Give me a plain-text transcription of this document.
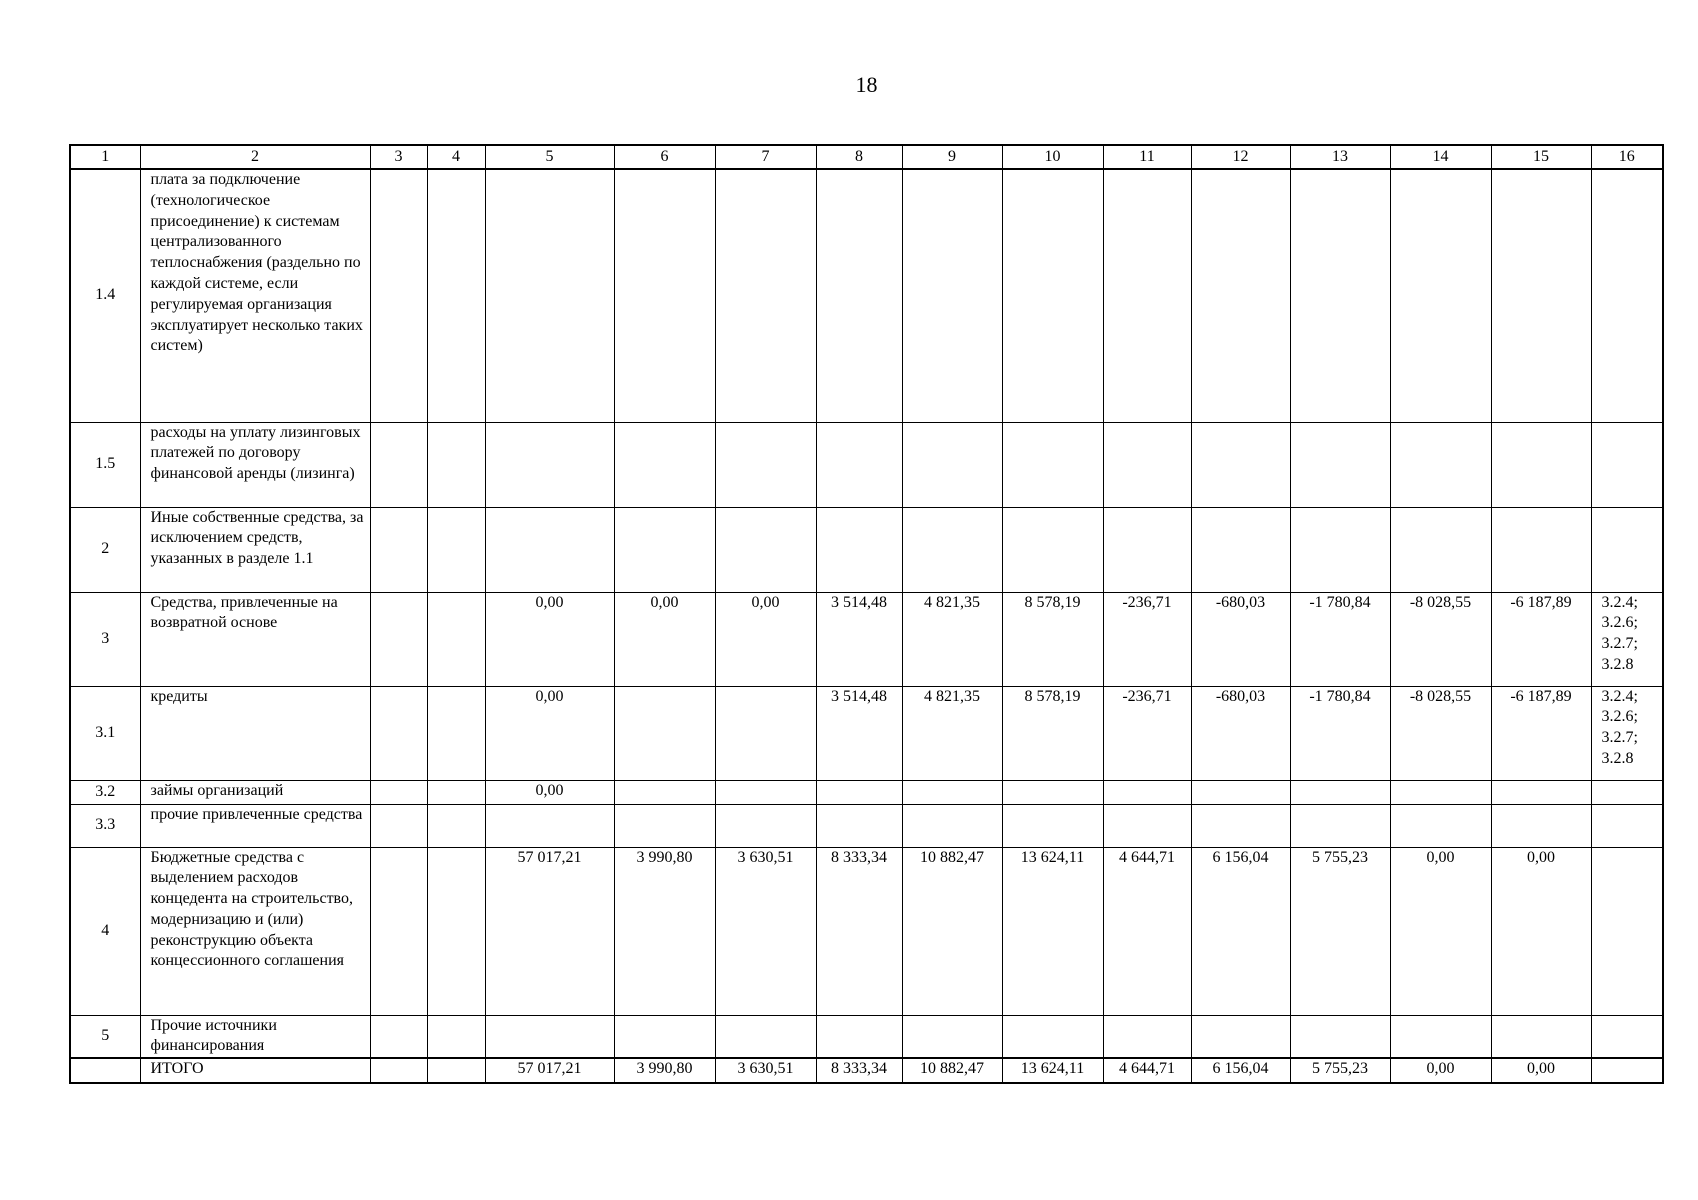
18
1	2	3	4	5	6	7	8	9	10	11	12	13	14	15	16
1.4	плата за подключение (технологическое присоединение) к системам централизованного теплоснабжения (раздельно по каждой системе, если регулируемая организация эксплуатирует несколько таких систем)														
1.5	расходы на уплату лизинговых платежей по договору финансовой аренды (лизинга)														
2	Иные собственные средства, за исключением средств, указанных в разделе 1.1														
3	Средства, привлеченные на возвратной основе			0,00	0,00	0,00	3 514,48	4 821,35	8 578,19	-236,71	-680,03	-1 780,84	-8 028,55	-6 187,89	3.2.4; 3.2.6; 3.2.7; 3.2.8
3.1	кредиты			0,00			3 514,48	4 821,35	8 578,19	-236,71	-680,03	-1 780,84	-8 028,55	-6 187,89	3.2.4; 3.2.6; 3.2.7; 3.2.8
3.2	займы организаций			0,00											
3.3	прочие привлеченные средства														
4	Бюджетные средства с выделением расходов концедента на строительство, модернизацию и (или) реконструкцию объекта концессионного соглашения			57 017,21	3 990,80	3 630,51	8 333,34	10 882,47	13 624,11	4 644,71	6 156,04	5 755,23	0,00	0,00	
5	Прочие источники финансирования														
	ИТОГО			57 017,21	3 990,80	3 630,51	8 333,34	10 882,47	13 624,11	4 644,71	6 156,04	5 755,23	0,00	0,00	
